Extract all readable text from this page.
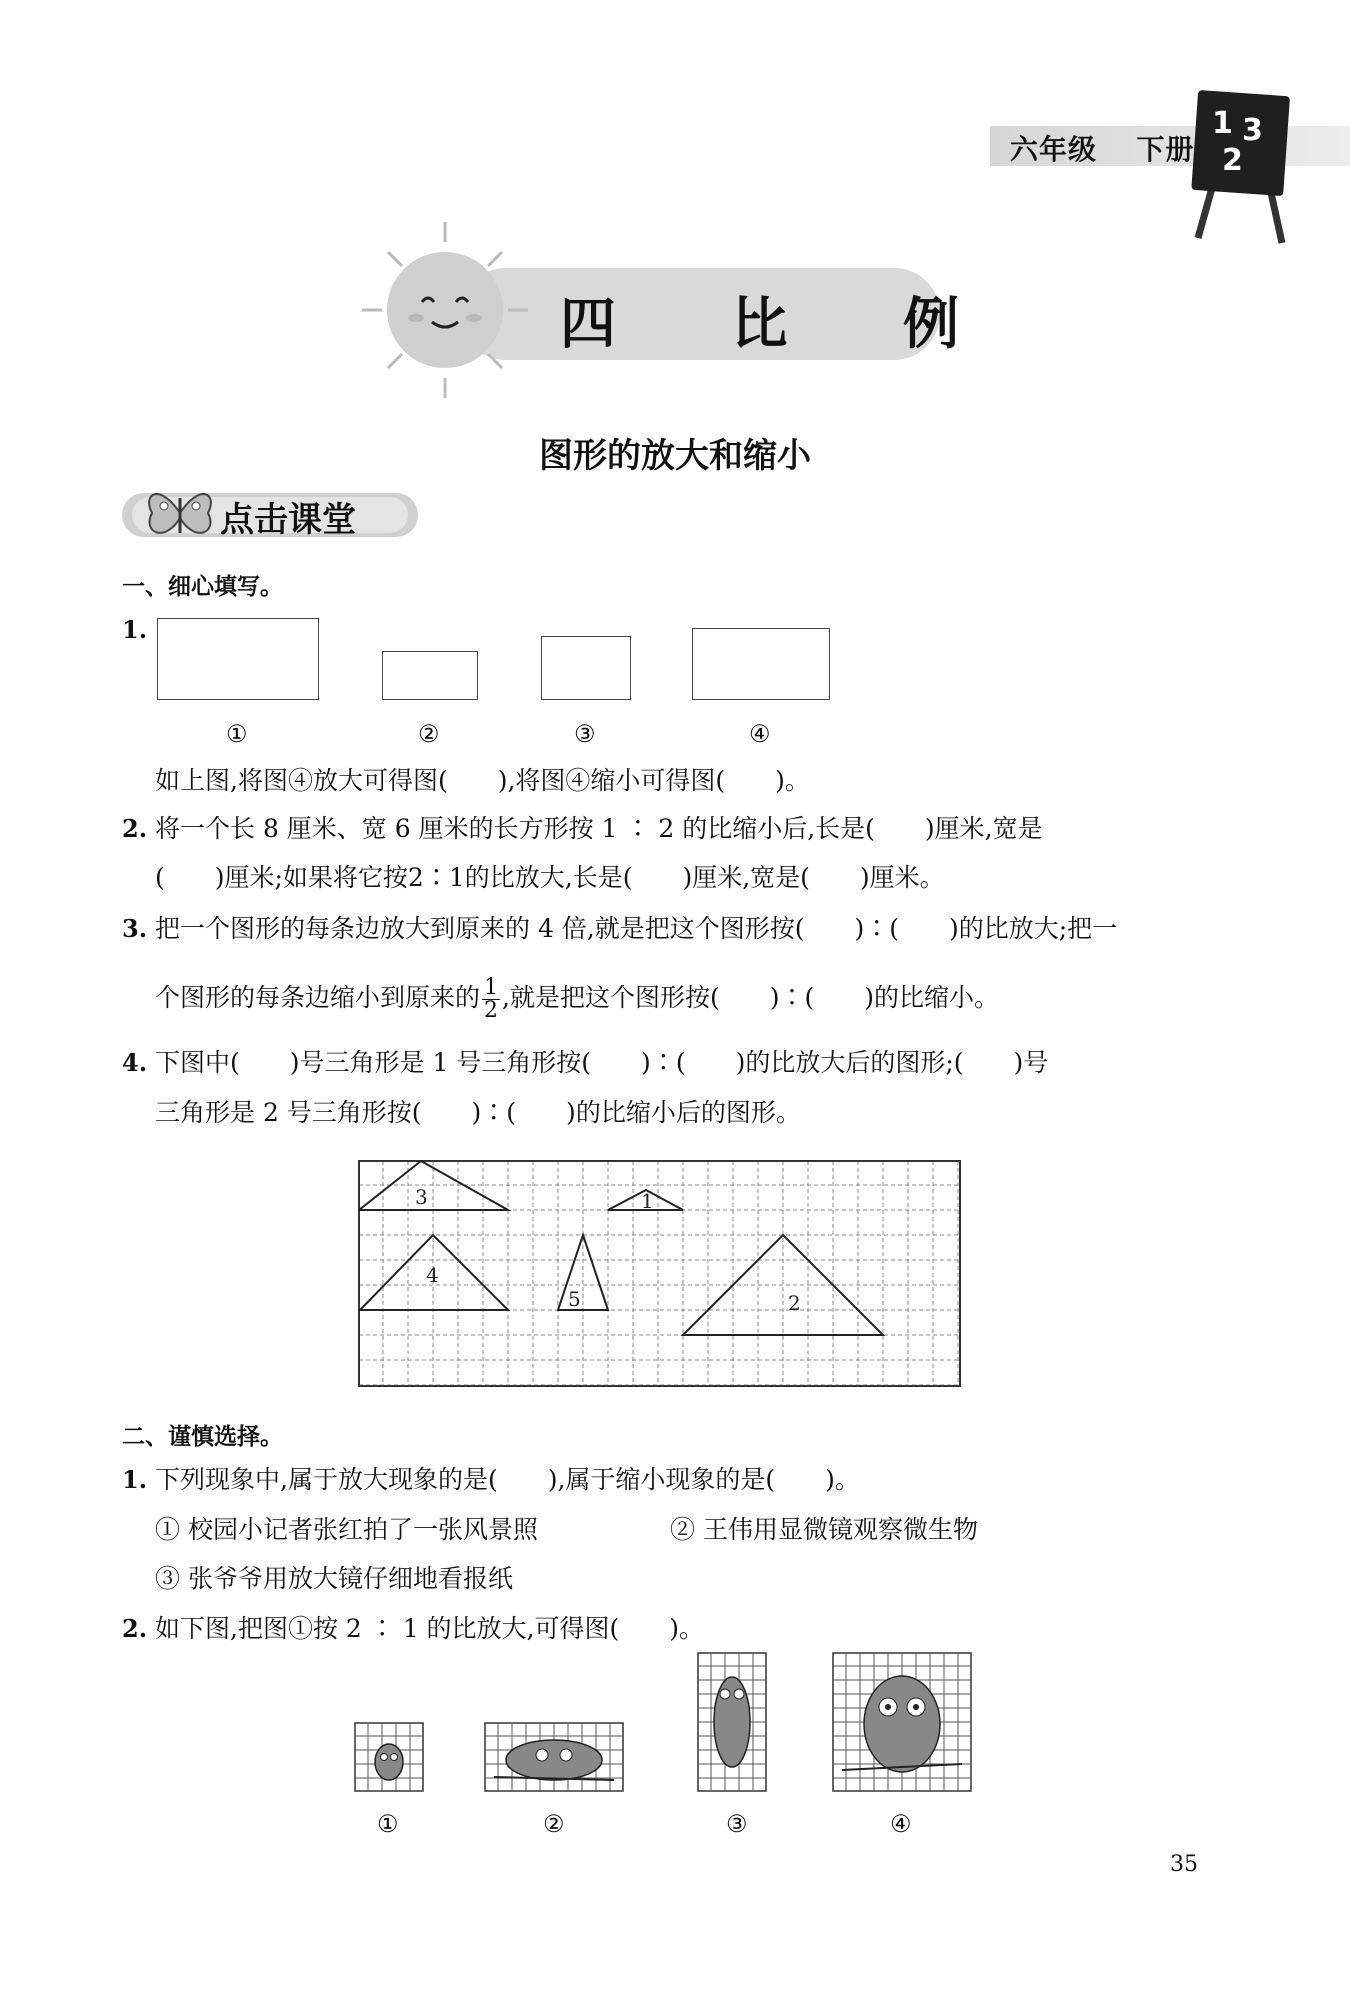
六年级 下册
1 3
2
四 比 例
图形的放大和缩小
点击课堂
一、细心填写。
1.
①	②	③	④
如上图,将图④放大可得图(　　),将图④缩小可得图(　　)。
2. 将一个长 8 厘米、宽 6 厘米的长方形按 1 ∶ 2 的比缩小后,长是(　　)厘米,宽是
(　　)厘米;如果将它按2∶1的比放大,长是(　　)厘米,宽是(　　)厘米。
3. 把一个图形的每条边放大到原来的 4 倍,就是把这个图形按(　　)∶(　　)的比放大;把一
个图形的每条边缩小到原来的 $\frac{1}{2}$ ,就是把这个图形按(　　)∶(　　)的比缩小。
4. 下图中(　　)号三角形是 1 号三角形按(　　)∶(　　)的比放大后的图形;(　　)号
三角形是 2 号三角形按(　　)∶(　　)的比缩小后的图形。
3	1
4
5	2
二、谨慎选择。
1. 下列现象中,属于放大现象的是(　　),属于缩小现象的是(　　)。
① 校园小记者张红拍了一张风景照	② 王伟用显微镜观察微生物
③ 张爷爷用放大镜仔细地看报纸
2. 如下图,把图①按 2 ∶ 1 的比放大,可得图(　　)。
①	②	③	④
35
